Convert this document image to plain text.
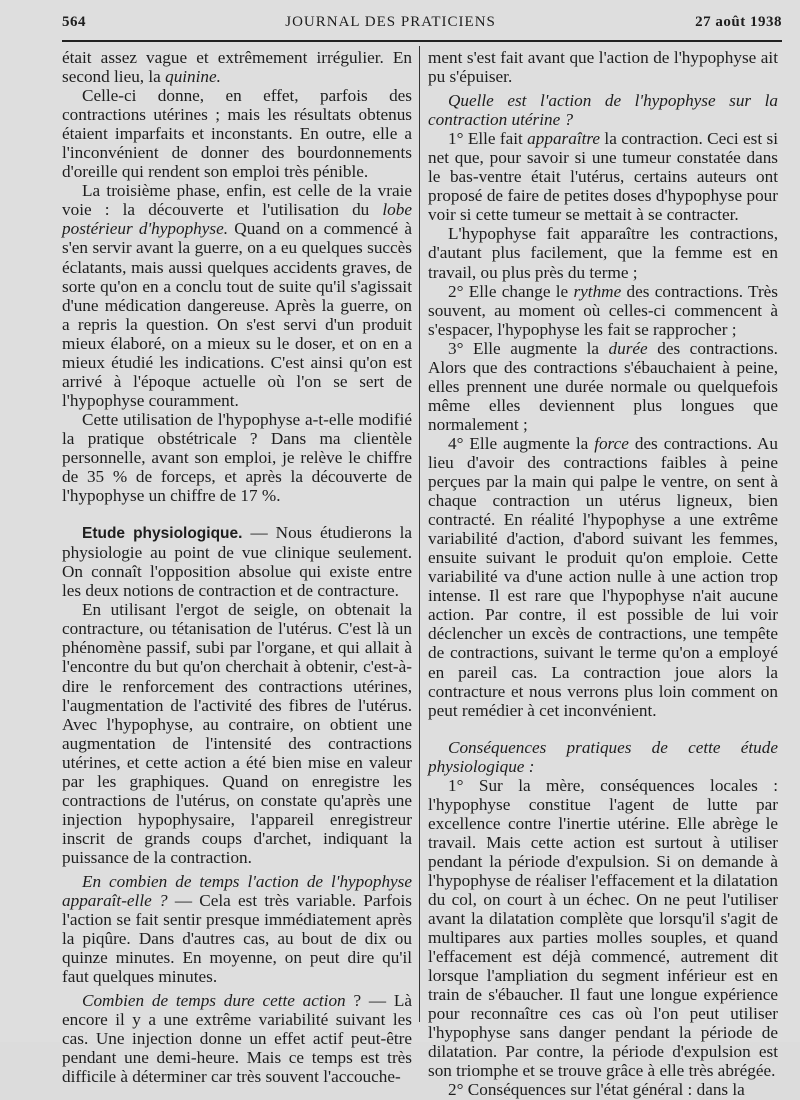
564	JOURNAL DES PRATICIENS	27 août 1938

était assez vague et extrêmement irrégulier. En second lieu, la quinine.

Celle-ci donne, en effet, parfois des contractions utérines ; mais les résultats obtenus étaient imparfaits et inconstants. En outre, elle a l'inconvénient de donner des bourdonnements d'oreille qui rendent son emploi très pénible.

La troisième phase, enfin, est celle de la vraie voie : la découverte et l'utilisation du lobe postérieur d'hypophyse. Quand on a commencé à s'en servir avant la guerre, on a eu quelques succès éclatants, mais aussi quelques accidents graves, de sorte qu'on en a conclu tout de suite qu'il s'agissait d'une médication dangereuse. Après la guerre, on a repris la question. On s'est servi d'un produit mieux élaboré, on a mieux su le doser, et on en a mieux étudié les indications. C'est ainsi qu'on est arrivé à l'époque actuelle où l'on se sert de l'hypophyse couramment.

Cette utilisation de l'hypophyse a-t-elle modifié la pratique obstétricale ? Dans ma clientèle personnelle, avant son emploi, je relève le chiffre de 35 % de forceps, et après la découverte de l'hypophyse un chiffre de 17 %.

Etude physiologique. — Nous étudierons la physiologie au point de vue clinique seulement. On connaît l'opposition absolue qui existe entre les deux notions de contraction et de contracture.

En utilisant l'ergot de seigle, on obtenait la contracture, ou tétanisation de l'utérus. C'est là un phénomène passif, subi par l'organe, et qui allait à l'encontre du but qu'on cherchait à obtenir, c'est-à-dire le renforcement des contractions utérines, l'augmentation de l'activité des fibres de l'utérus. Avec l'hypophyse, au contraire, on obtient une augmentation de l'intensité des contractions utérines, et cette action a été bien mise en valeur par les graphiques. Quand on enregistre les contractions de l'utérus, on constate qu'après une injection hypophysaire, l'appareil enregistreur inscrit de grands coups d'archet, indiquant la puissance de la contraction.

En combien de temps l'action de l'hypophyse apparaît-elle ? — Cela est très variable. Parfois l'action se fait sentir presque immédiatement après la piqûre. Dans d'autres cas, au bout de dix ou quinze minutes. En moyenne, on peut dire qu'il faut quelques minutes.

Combien de temps dure cette action ? — Là encore il y a une extrême variabilité suivant les cas. Une injection donne un effet actif peut-être pendant une demi-heure. Mais ce temps est très difficile à déterminer car très souvent l'accouche-

ment s'est fait avant que l'action de l'hypophyse ait pu s'épuiser.

Quelle est l'action de l'hypophyse sur la contraction utérine ?

1° Elle fait apparaître la contraction. Ceci est si net que, pour savoir si une tumeur constatée dans le bas-ventre était l'utérus, certains auteurs ont proposé de faire de petites doses d'hypophyse pour voir si cette tumeur se mettait à se contracter.

L'hypophyse fait apparaître les contractions, d'autant plus facilement, que la femme est en travail, ou plus près du terme ;

2° Elle change le rythme des contractions. Très souvent, au moment où celles-ci commencent à s'espacer, l'hypophyse les fait se rapprocher ;

3° Elle augmente la durée des contractions. Alors que des contractions s'ébauchaient à peine, elles prennent une durée normale ou quelquefois même elles deviennent plus longues que normalement ;

4° Elle augmente la force des contractions. Au lieu d'avoir des contractions faibles à peine perçues par la main qui palpe le ventre, on sent à chaque contraction un utérus ligneux, bien contracté. En réalité l'hypophyse a une extrême variabilité d'action, d'abord suivant les femmes, ensuite suivant le produit qu'on emploie. Cette variabilité va d'une action nulle à une action trop intense. Il est rare que l'hypophyse n'ait aucune action. Par contre, il est possible de lui voir déclencher un excès de contractions, une tempête de contractions, suivant le terme qu'on a employé en pareil cas. La contraction joue alors la contracture et nous verrons plus loin comment on peut remédier à cet inconvénient.

Conséquences pratiques de cette étude physiologique :

1° Sur la mère, conséquences locales : l'hypophyse constitue l'agent de lutte par excellence contre l'inertie utérine. Elle abrège le travail. Mais cette action est surtout à utiliser pendant la période d'expulsion. Si on demande à l'hypophyse de réaliser l'effacement et la dilatation du col, on court à un échec. On ne peut l'utiliser avant la dilatation complète que lorsqu'il s'agit de multipares aux parties molles souples, et quand l'effacement est déjà commencé, autrement dit lorsque l'ampliation du segment inférieur est en train de s'ébaucher. Il faut une longue expérience pour reconnaître ces cas où l'on peut utiliser l'hypophyse sans danger pendant la période de dilatation. Par contre, la période d'expulsion est son triomphe et se trouve grâce à elle très abrégée.

2° Conséquences sur l'état général : dans la
